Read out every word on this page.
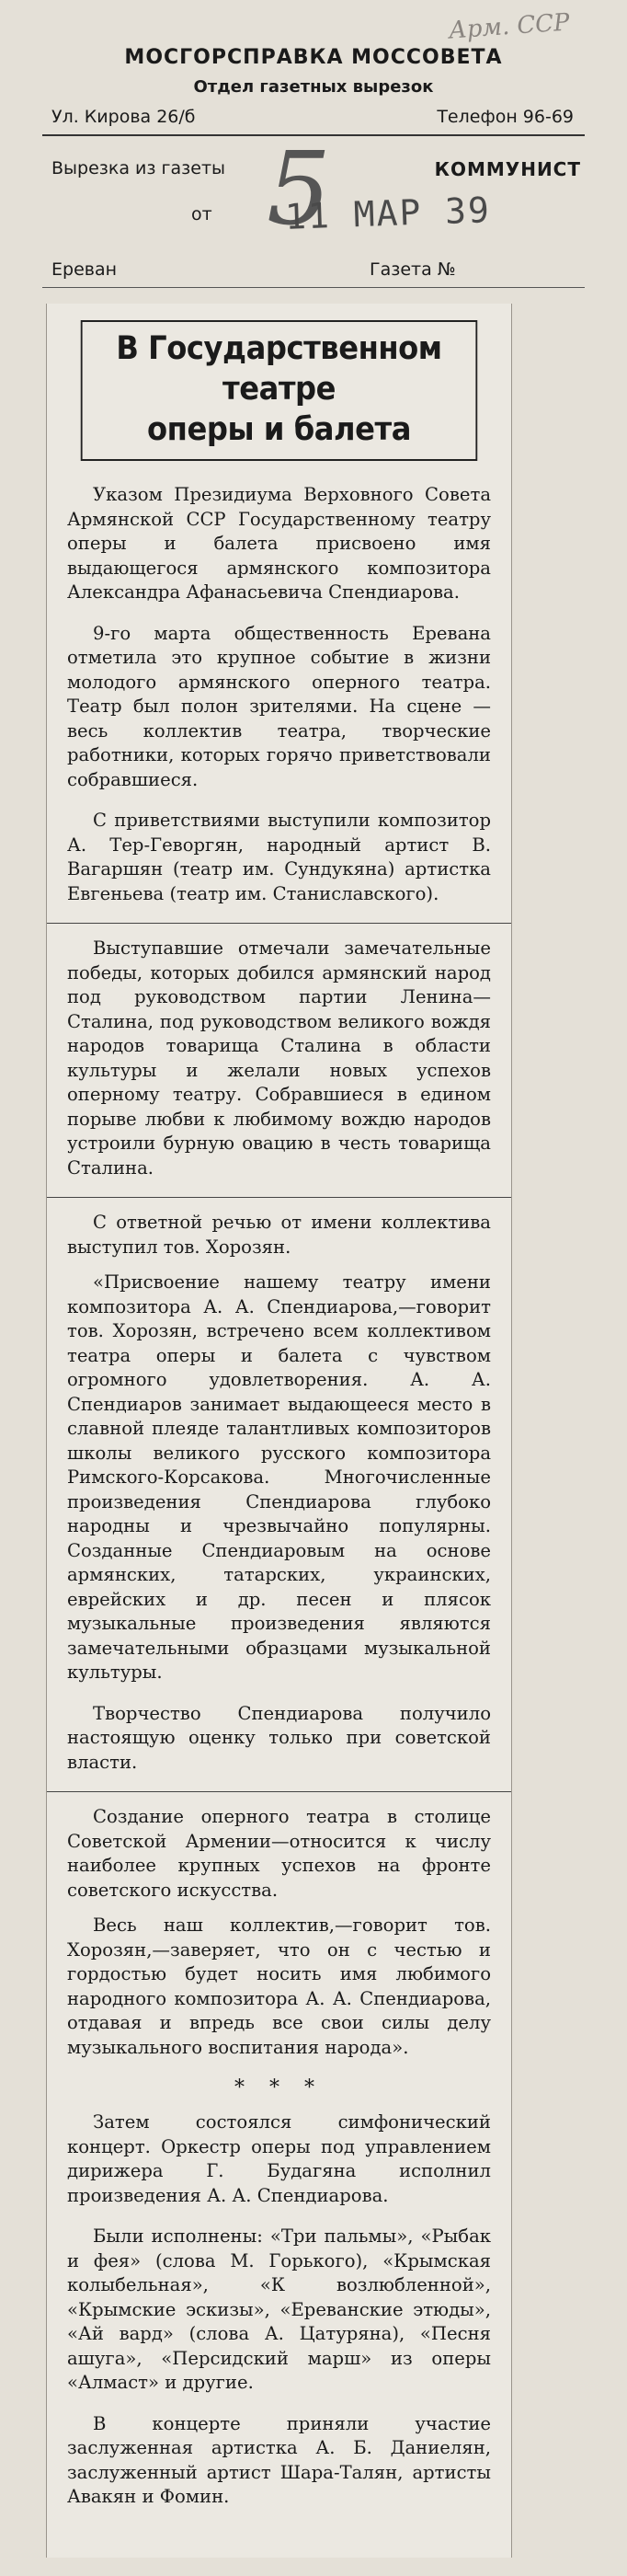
Арм. ССР
МОСГОРСПРАВКА МОССОВЕТА
Отдел газетных вырезок
Ул. Кирова 26/б	Телефон 96-69
Вырезка из газеты	КОММУНИСТ
5
от 11 МАР 39
Ереван	Газета №
В Государственном театре
оперы и балета

Указом Президиума Верховного Совета Армянской ССР Государственному театру оперы и балета присвоено имя выдающегося армянского композитора Александра Афанасьевича Спендиарова.

9-го марта общественность Еревана отметила это крупное событие в жизни молодого армянского оперного театра. Театр был полон зрителями. На сцене — весь коллектив театра, творческие работники, которых горячо приветствовали собравшиеся.

С приветствиями выступили композитор А. Тер-Геворгян, народный артист В. Вагаршян (театр им. Сундукяна) артистка Евгеньева (театр им. Станиславского).

Выступавшие отмечали замечательные победы, которых добился армянский народ под руководством партии Ленина—Сталина, под руководством великого вождя народов товарища Сталина в области культуры и желали новых успехов оперному театру. Собравшиеся в едином порыве любви к любимому вождю народов устроили бурную овацию в честь товарища Сталина.

С ответной речью от имени коллектива выступил тов. Хорозян.

«Присвоение нашему театру имени композитора А. А. Спендиарова,—говорит тов. Хорозян, встречено всем коллективом театра оперы и балета с чувством огромного удовлетворения. А. А. Спендиаров занимает выдающееся место в славной плеяде талантливых композиторов школы великого русского композитора Римского-Корсакова. Многочисленные произведения Спендиарова глубоко народны и чрезвычайно популярны. Созданные Спендиаровым на основе армянских, татарских, украинских, еврейских и др. песен и плясок музыкальные произведения являются замечательными образцами музыкальной культуры.

Творчество Спендиарова получило настоящую оценку только при советской власти.

Создание оперного театра в столице Советской Армении—относится к числу наиболее крупных успехов на фронте советского искусства.

Весь наш коллектив,—говорит тов. Хорозян,—заверяет, что он с честью и гордостью будет носить имя любимого народного композитора А. А. Спендиарова, отдавая и впредь все свои силы делу музыкального воспитания народа».

* * *

Затем состоялся симфонический концерт. Оркестр оперы под управлением дирижера Г. Будагяна исполнил произведения А. А. Спендиарова.

Были исполнены: «Три пальмы», «Рыбак и фея» (слова М. Горького), «Крымская колыбельная», «К возлюбленной», «Крымские эскизы», «Ереванские этюды», «Ай вард» (слова А. Цатуряна), «Песня ашуга», «Персидский марш» из оперы «Алмаст» и другие.

В концерте приняли участие заслуженная артистка А. Б. Даниелян, заслуженный артист Шара-Талян, артисты Авакян и Фомин.
